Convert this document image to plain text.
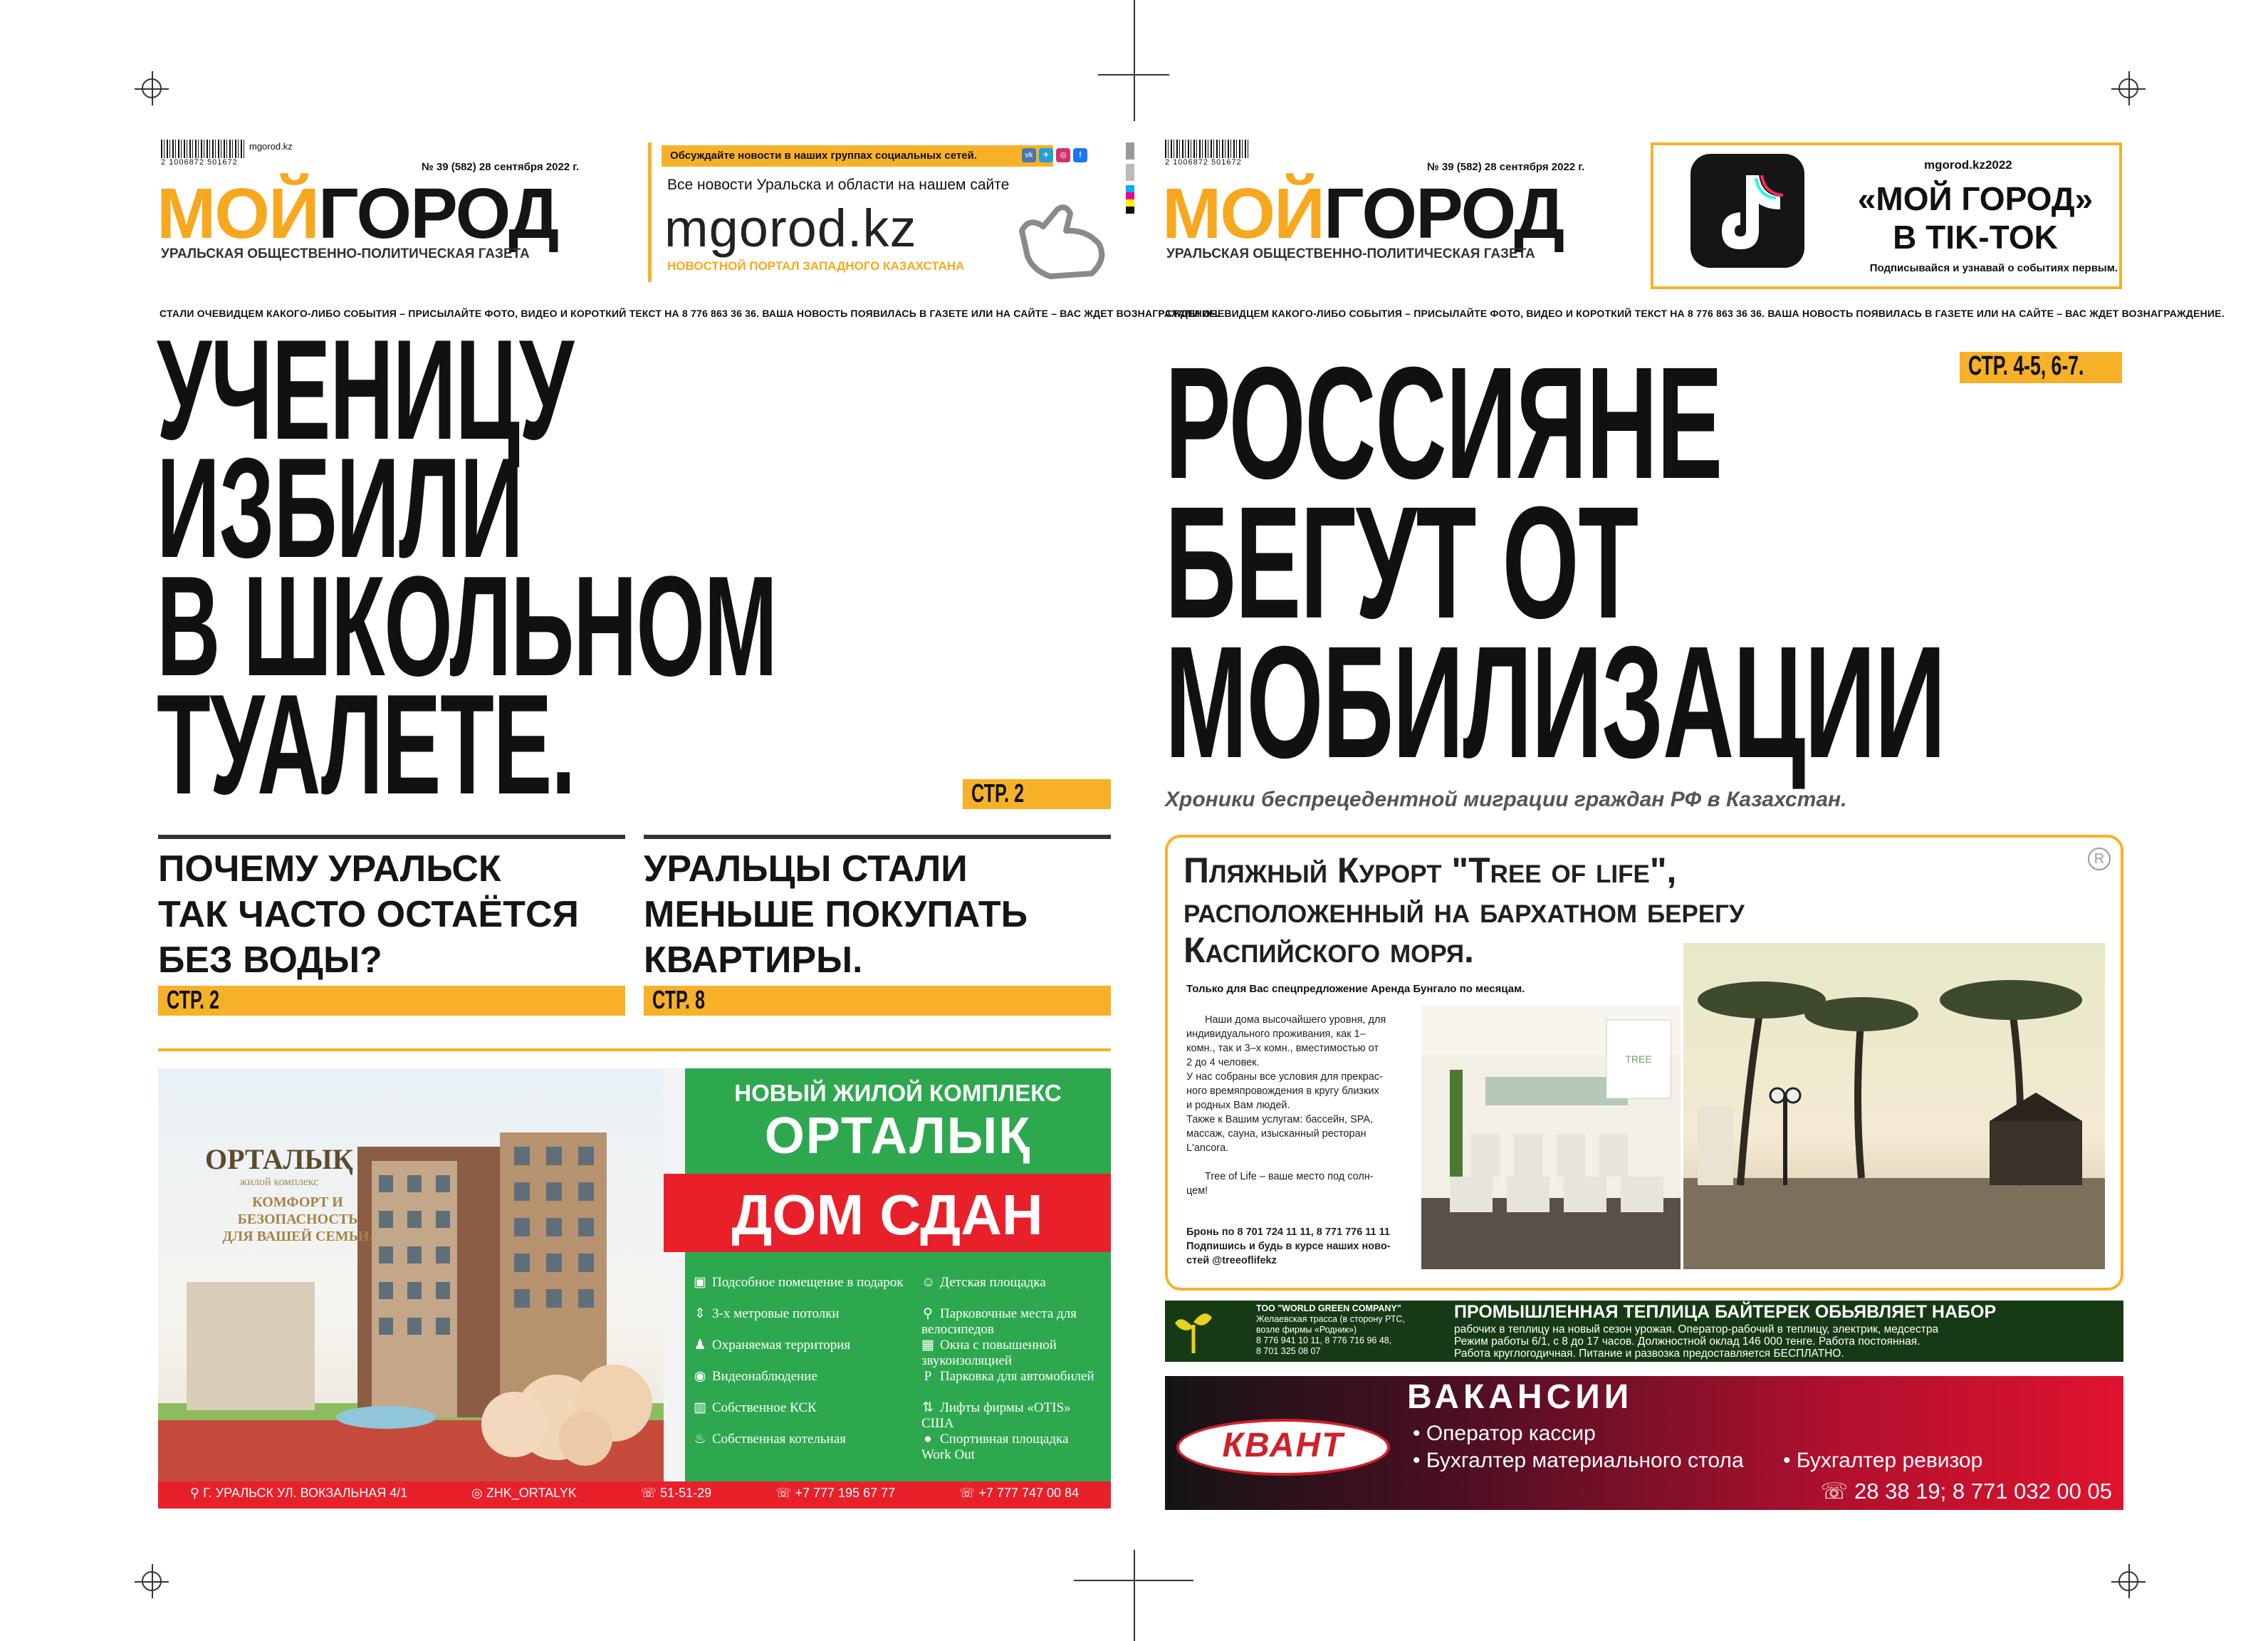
2 1006872 501672
mgorod.kz
№ 39 (582) 28 сентября 2022 г.
МОЙГОРОД
УРАЛЬСКАЯ ОБЩЕСТВЕННО-ПОЛИТИЧЕСКАЯ ГАЗЕТА
Обсуждайте новости в наших группах социальных сетей.	vk	✈	◎	f
Все новости Уральска и области на нашем сайте
mgorod.kz
НОВОСТНОЙ ПОРТАЛ ЗАПАДНОГО КАЗАХСТАНА
СТАЛИ ОЧЕВИДЦЕМ КАКОГО-ЛИБО СОБЫТИЯ – ПРИСЫЛАЙТЕ ФОТО, ВИДЕО И КОРОТКИЙ ТЕКСТ НА 8 776 863 36 36. ВАША НОВОСТЬ ПОЯВИЛАСЬ В ГАЗЕТЕ ИЛИ НА САЙТЕ – ВАС ЖДЕТ ВОЗНАГРАЖДЕНИЕ.
УЧЕНИЦУ
ИЗБИЛИ
В ШКОЛЬНОМ
ТУАЛЕТЕ.	СТР. 2
ПОЧЕМУ УРАЛЬСК
ТАК ЧАСТО ОСТАЁТСЯ
БЕЗ ВОДЫ?
СТР. 2
УРАЛЬЦЫ СТАЛИ
МЕНЬШЕ ПОКУПАТЬ
КВАРТИРЫ.
СТР. 8
ОРТАЛЫҚ
жилой комплекс
КОМФОРТ И БЕЗОПАСНОСТЬ
ДЛЯ ВАШЕЙ СЕМЬИ.
НОВЫЙ ЖИЛОЙ КОМПЛЕКС
ОРТАЛЫҚ
ДОМ СДАН
▣ Подсобное помещение в подарок
⇕ 3-х метровые потолки
♟ Охраняемая территория
◉ Видеонаблюдение
▥ Собственное КСК
♨ Собственная котельная
☺ Детская площадка
⚲ Парковочные места для велосипедов
▦ Окна с повышенной звукоизоляцией
P Парковка для автомобилей
⇅ Лифты фирмы «OTIS» США
● Спортивная площадка Work Out
⚲ Г. УРАЛЬСК УЛ. ВОКЗАЛЬНАЯ 4/1	◎ ZHK_ORTALYK	☏ 51-51-29	☏ +7 777 195 67 77	☏ +7 777 747 00 84
2 1006872 501672	№ 39 (582) 28 сентября 2022 г.
МОЙГОРОД
УРАЛЬСКАЯ ОБЩЕСТВЕННО-ПОЛИТИЧЕСКАЯ ГАЗЕТА
mgorod.kz2022
«МОЙ ГОРОД»
В TIK-TOK
Подписывайся и узнавай о событиях первым.
СТАЛИ ОЧЕВИДЦЕМ КАКОГО-ЛИБО СОБЫТИЯ – ПРИСЫЛАЙТЕ ФОТО, ВИДЕО И КОРОТКИЙ ТЕКСТ НА 8 776 863 36 36. ВАША НОВОСТЬ ПОЯВИЛАСЬ В ГАЗЕТЕ ИЛИ НА САЙТЕ – ВАС ЖДЕТ ВОЗНАГРАЖДЕНИЕ.
СТР. 4-5, 6-7.
РОССИЯНЕ
БЕГУТ ОТ
МОБИЛИЗАЦИИ
Хроники беспрецедентной миграции граждан РФ в Казахстан.
R
Пляжный Курорт "Tree of life",
расположенный на бархатном берегу
Каспийского моря.
Только для Вас спецпредложение Аренда Бунгало по месяцам.
Наши дома высочайшего уровня, для
индивидуального проживания, как 1–
комн., так и 3–х комн., вместимостью от
2 до 4 человек.
У нас собраны все условия для прекрас-
ного времяпровождения в кругу близких
и родных Вам людей.
Также к Вашим услугам: бассейн, SPA,
массаж, сауна, изысканный ресторан
L'ancora.
Tree of Life – ваше место под солн-
цем!
Бронь по 8 701 724 11 11, 8 771 776 11 11
Подпишись и будь в курсе наших ново-
стей @treeoflifekz
TREE
ТОО "WORLD GREEN COMPANY"
Желаевская трасса (в сторону РТС,
возле фирмы «Родник»)
8 776 941 10 11, 8 776 716 96 48,
8 701 325 08 07
ПРОМЫШЛЕННАЯ ТЕПЛИЦА БАЙТЕРЕК ОБЬЯВЛЯЕТ НАБОР
рабочих в теплицу на новый сезон урожая. Оператор-рабочий в теплицу, электрик, медсестра
Режим работы 6/1, с 8 до 17 часов. Должностной оклад 146 000 тенге. Работа постоянная.
Работа круглогодичная. Питание и развозка предоставляется БЕСПЛАТНО.
КВАНТ
ВАКАНСИИ
• Оператор кассир
• Бухгалтер материального стола • Бухгалтер ревизор
☏ 28 38 19; 8 771 032 00 05
